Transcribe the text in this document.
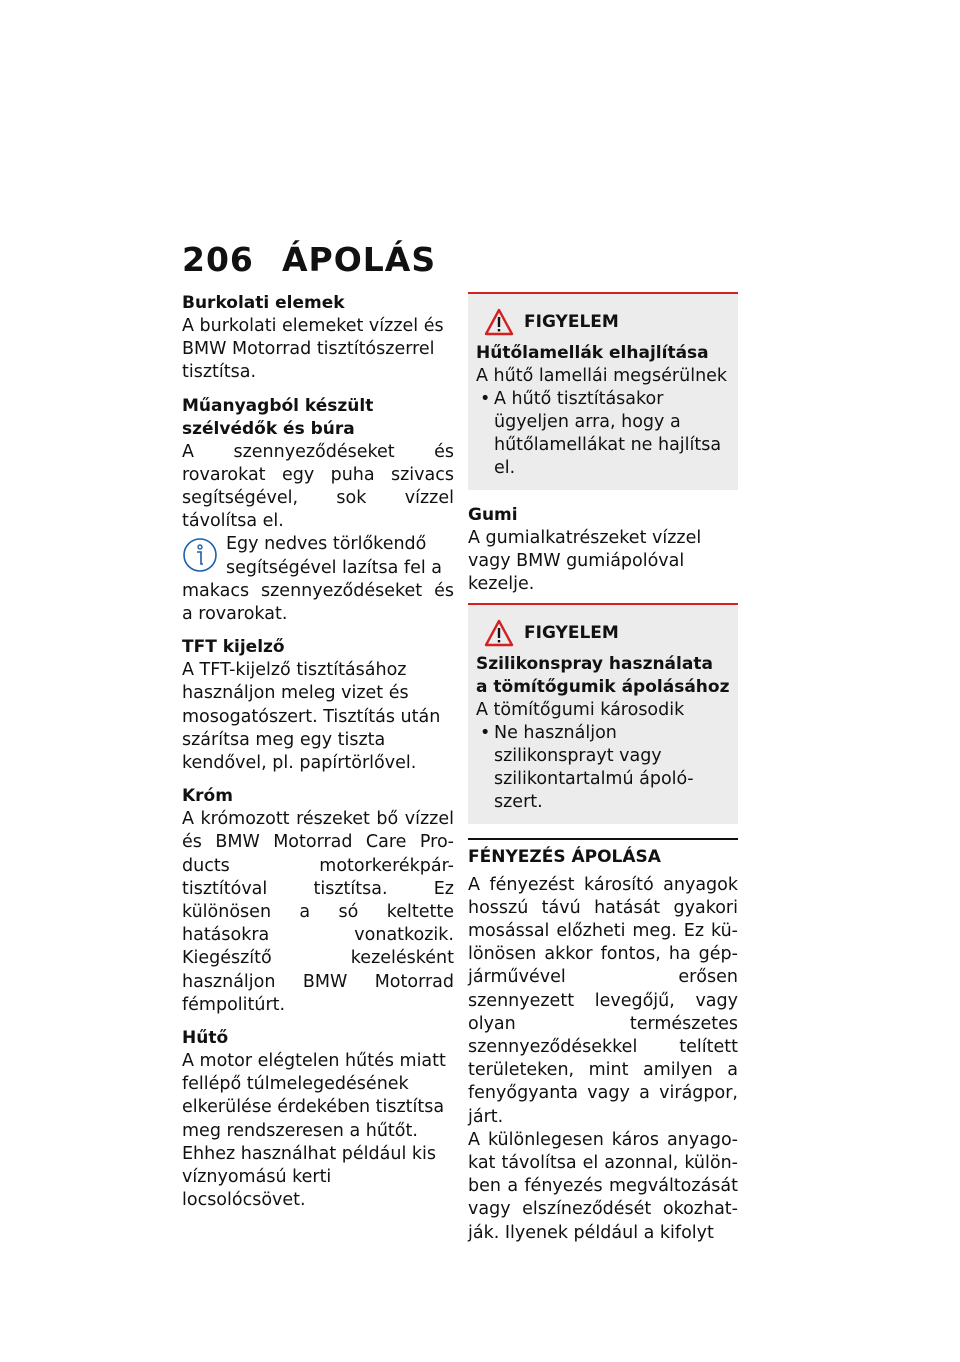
206 ÁPOLÁS

Burkolati elemek

A burkolati elemeket vízzel és BMW Motorrad tisztítószerrel tisztítsa.

Műanyagból készült szélvédők és búra

A szennyeződéseket és rovarokat egy puha szivacs segítségével, sok vízzel távolítsa el.

Egy nedves törlőkendő segítségével lazítsa fel a

makacs szennyeződéseket és a rovarokat.

TFT kijelző

A TFT-kijelző tisztításához használjon meleg vizet és mosogatószert. Tisztítás után szárítsa meg egy tiszta kendővel, pl. papírtörlővel.

Króm

A krómozott részeket bő vízzel és BMW Motorrad Care Products motorkerékpár-tisztítóval tisztítsa. Ez különösen a só keltette hatásokra vonatkozik. Kiegészítő kezelésként használjon BMW Motorrad fémpolitúrt.

Hűtő

A motor elégtelen hűtés miatt fellépő túlmelegedésének elkerülése érdekében tisztítsa meg rendszeresen a hűtőt.

Ehhez használhat például kis víznyomású kerti locsolócsövet.

FIGYELEM
Hűtőlamellák elhajlítása
A hűtő lamellái megsérülnek
• A hűtő tisztításakor ügyeljen arra, hogy a hűtőlamellákat ne hajlítsa el.

Gumi

A gumialkatrészeket vízzel vagy BMW gumiápolóval kezelje.

FIGYELEM
Szilikonspray használata a tömítőgumik ápolásához
A tömítőgumi károsodik
• Ne használjon szilikonsprayt vagy szilikontartalmú ápolószert.
FÉNYEZÉS ÁPOLÁSA

A fényezést károsító anyagok hosszú távú hatását gyakori mosással előzheti meg. Ez különösen akkor fontos, ha gépjárművével erősen szennyezett levegőjű, vagy olyan természetes szennyeződésekkel telített területeken, mint amilyen a fenyőgyanta vagy a virágpor, járt.

A különlegesen káros anyagokat távolítsa el azonnal, különben a fényezés megváltozását vagy elszíneződését okozhatják. Ilyenek például a kifolyt
